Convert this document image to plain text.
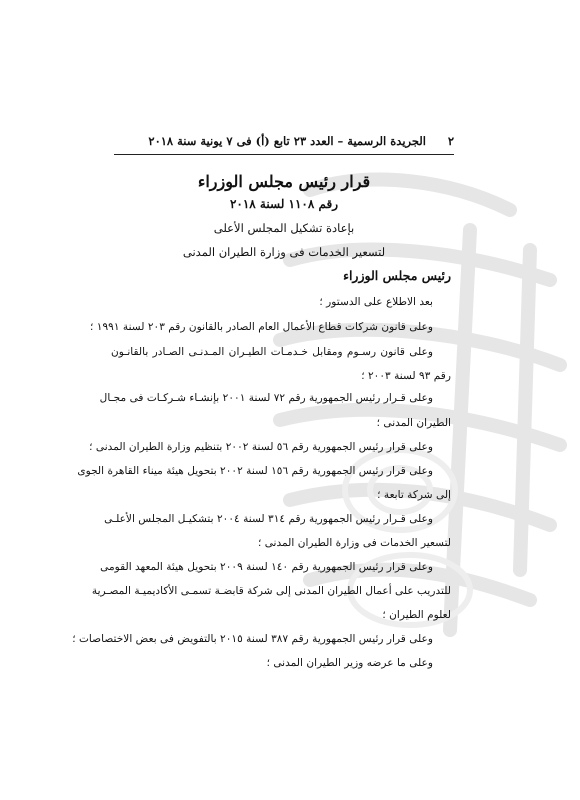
٢
الجريدة الرسمية – العدد ٢٣ تابع (أ) فى ٧ يونية سنة ٢٠١٨
قرار رئيس مجلس الوزراء
رقم ١١٠٨ لسنة ٢٠١٨
بإعادة تشكيل المجلس الأعلى
لتسعير الخدمات فى وزارة الطيران المدنى
رئيس مجلس الوزراء
بعد الاطلاع على الدستور ؛
وعلى قانون شركات قطاع الأعمال العام الصادر بالقانون رقم ٢٠٣ لسنة ١٩٩١ ؛
وعلى قانون رسـوم ومقابل خـدمـات الطيـران المـدنـى الصـادر بالقانـون
رقم ٩٣ لسنة ٢٠٠٣ ؛
وعلى قـرار رئيس الجمهورية رقم ٧٢ لسنة ٢٠٠١ بإنشـاء شـركـات فى مجـال
الطيران المدنى ؛
وعلى قرار رئيس الجمهورية رقم ٥٦ لسنة ٢٠٠٢ بتنظيم وزارة الطيران المدنى ؛
وعلى قرار رئيس الجمهورية رقم ١٥٦ لسنة ٢٠٠٢ بتحويل هيئة ميناء القاهرة الجوى
إلى شركة تابعة ؛
وعلى قـرار رئيس الجمهورية رقم ٣١٤ لسنة ٢٠٠٤ بتشكيـل المجلس الأعلـى
لتسعير الخدمات فى وزارة الطيران المدنى ؛
وعلى قرار رئيس الجمهورية رقم ١٤٠ لسنة ٢٠٠٩ بتحويل هيئة المعهد القومى
للتدريب على أعمال الطيران المدنى إلى شركة قابضـة تسمـى الأكاديميـة المصـرية
لعلوم الطيران ؛
وعلى قرار رئيس الجمهورية رقم ٣٨٧ لسنة ٢٠١٥ بالتفويض فى بعض الاختصاصات ؛
وعلى ما عرضه وزير الطيران المدنى ؛
